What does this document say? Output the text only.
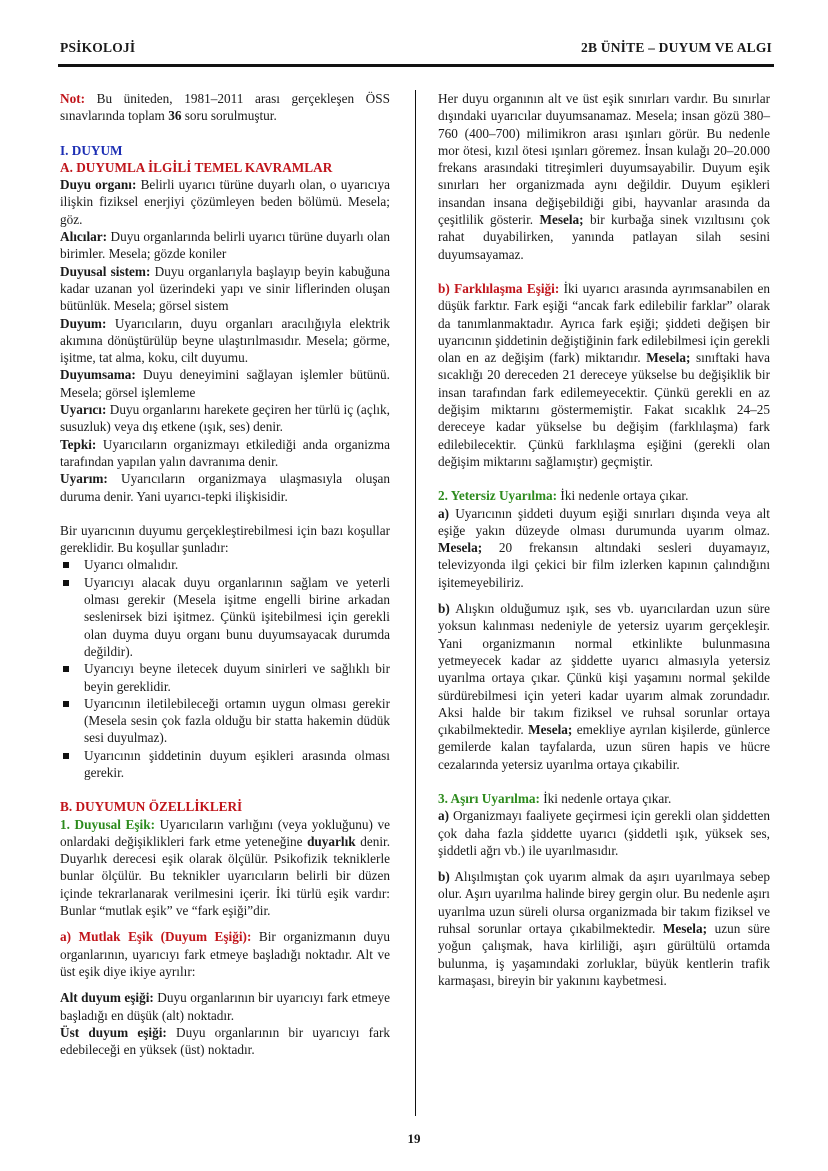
PSİKOLOJİ	2B ÜNİTE – DUYUM VE ALGI

Not: Bu üniteden, 1981–2011 arası gerçekleşen ÖSS sınavlarında toplam 36 soru sorulmuştur.

I. DUYUM

A. DUYUMLA İLGİLİ TEMEL KAVRAMLAR

Duyu organı: Belirli uyarıcı türüne duyarlı olan, o uyarıcıya ilişkin fiziksel enerjiyi çözümleyen beden bölümü. Mesela; göz.

Alıcılar: Duyu organlarında belirli uyarıcı türüne duyarlı olan birimler. Mesela; gözde koniler

Duyusal sistem: Duyu organlarıyla başlayıp beyin kabuğuna kadar uzanan yol üzerindeki yapı ve sinir liflerinden oluşan bütünlük. Mesela; görsel sistem

Duyum: Uyarıcıların, duyu organları aracılığıyla elektrik akımına dönüştürülüp beyne ulaştırılmasıdır. Mesela; görme, işitme, tat alma, koku, cilt duyumu.

Duyumsama: Duyu deneyimini sağlayan işlemler bütünü. Mesela; görsel işlemleme

Uyarıcı: Duyu organlarını harekete geçiren her türlü iç (açlık, susuzluk) veya dış etkene (ışık, ses) denir.

Tepki: Uyarıcıların organizmayı etkilediği anda organizma tarafından yapılan yalın davranıma denir.

Uyarım: Uyarıcıların organizmaya ulaşmasıyla oluşan duruma denir. Yani uyarıcı-tepki ilişkisidir.

Bir uyarıcının duyumu gerçekleştirebilmesi için bazı koşullar gereklidir. Bu koşullar şunladır:

Uyarıcı olmalıdır.
Uyarıcıyı alacak duyu organlarının sağlam ve yeterli olması gerekir (Mesela işitme engelli birine arkadan seslenirsek bizi işitmez. Çünkü işitebilmesi için gerekli olan duyma duyu organı bunu duyumsayacak durumda değildir).
Uyarıcıyı beyne iletecek duyum sinirleri ve sağlıklı bir beyin gereklidir.
Uyarıcının iletilebileceği ortamın uygun olması gerekir (Mesela sesin çok fazla olduğu bir statta hakemin düdük sesi duyulmaz).
Uyarıcının şiddetinin duyum eşikleri arasında olması gerekir.

B. DUYUMUN ÖZELLİKLERİ

1. Duyusal Eşik: Uyarıcıların varlığını (veya yokluğunu) ve onlardaki değişiklikleri fark etme yeteneğine duyarlık denir. Duyarlık derecesi eşik olarak ölçülür. Psikofizik tekniklerle bunlar ölçülür. Bu teknikler uyarıcıların belirli bir düzen içinde tekrarlanarak verilmesini içerir. İki türlü eşik vardır: Bunlar “mutlak eşik” ve “fark eşiği”dir.

a) Mutlak Eşik (Duyum Eşiği): Bir organizmanın duyu organlarının, uyarıcıyı fark etmeye başladığı noktadır. Alt ve üst eşik diye ikiye ayrılır:

Alt duyum eşiği: Duyu organlarının bir uyarıcıyı fark etmeye başladığı en düşük (alt) noktadır.

Üst duyum eşiği: Duyu organlarının bir uyarıcıyı fark edebileceği en yüksek (üst) noktadır.

Her duyu organının alt ve üst eşik sınırları vardır. Bu sınırlar dışındaki uyarıcılar duyumsanamaz. Mesela; insan gözü 380–760 (400–700) milimikron arası ışınları görür. Bu nedenle mor ötesi, kızıl ötesi ışınları göremez. İnsan kulağı 20–20.000 frekans arasındaki titreşimleri duyumsayabilir. Duyum eşik sınırları her organizmada aynı değildir. Duyum eşikleri insandan insana değişebildiği gibi, hayvanlar arasında da çeşitlilik gösterir. Mesela; bir kurbağa sinek vızıltısını çok rahat duyabilirken, yanında patlayan silah sesini duyumsayamaz.

b) Farklılaşma Eşiği: İki uyarıcı arasında ayrımsanabilen en düşük farktır. Fark eşiği “ancak fark edilebilir farklar” olarak da tanımlanmaktadır. Ayrıca fark eşiği; şiddeti değişen bir uyarıcının şiddetinin değiştiğinin fark edilebilmesi için gerekli olan en az değişim (fark) miktarıdır. Mesela; sınıftaki hava sıcaklığı 20 dereceden 21 dereceye yükselse bu değişiklik bir insan tarafından fark edilemeyecektir. Çünkü gerekli en az değişim miktarını göstermemiştir. Fakat sıcaklık 24–25 dereceye kadar yükselse bu değişim (farklılaşma) fark edilebilecektir. Çünkü farklılaşma eşiğini (gerekli olan değişim miktarını sağlamıştır) geçmiştir.

2. Yetersiz Uyarılma: İki nedenle ortaya çıkar.

a) Uyarıcının şiddeti duyum eşiği sınırları dışında veya alt eşiğe yakın düzeyde olması durumunda uyarım olmaz. Mesela; 20 frekansın altındaki sesleri duyamayız, televizyonda ilgi çekici bir film izlerken kapının çalındığını işitemeyebiliriz.

b) Alışkın olduğumuz ışık, ses vb. uyarıcılardan uzun süre yoksun kalınması nedeniyle de yetersiz uyarım gerçekleşir. Yani organizmanın normal etkinlikte bulunmasına yetmeyecek kadar az şiddette uyarıcı almasıyla yetersiz uyarılma ortaya çıkar. Çünkü kişi yaşamını normal şekilde sürdürebilmesi için yeteri kadar uyarım almak zorundadır. Aksi halde bir takım fiziksel ve ruhsal sorunlar ortaya çıkabilmektedir. Mesela; emekliye ayrılan kişilerde, günlerce gemilerde kalan tayfalarda, uzun süren hapis ve hücre cezalarında yetersiz uyarılma ortaya çıkabilir.

3. Aşırı Uyarılma: İki nedenle ortaya çıkar.

a) Organizmayı faaliyete geçirmesi için gerekli olan şiddetten çok daha fazla şiddette uyarıcı (şiddetli ışık, yüksek ses, şiddetli ağrı vb.) ile uyarılmasıdır.

b) Alışılmıştan çok uyarım almak da aşırı uyarılmaya sebep olur. Aşırı uyarılma halinde birey gergin olur. Bu nedenle aşırı uyarılma uzun süreli olursa organizmada bir takım fiziksel ve ruhsal sorunlar ortaya çıkabilmektedir. Mesela; uzun süre yoğun çalışmak, hava kirliliği, aşırı gürültülü ortamda bulunma, iş yaşamındaki zorluklar, büyük kentlerin trafik karmaşası, bireyin bir yakınını kaybetmesi.

19
